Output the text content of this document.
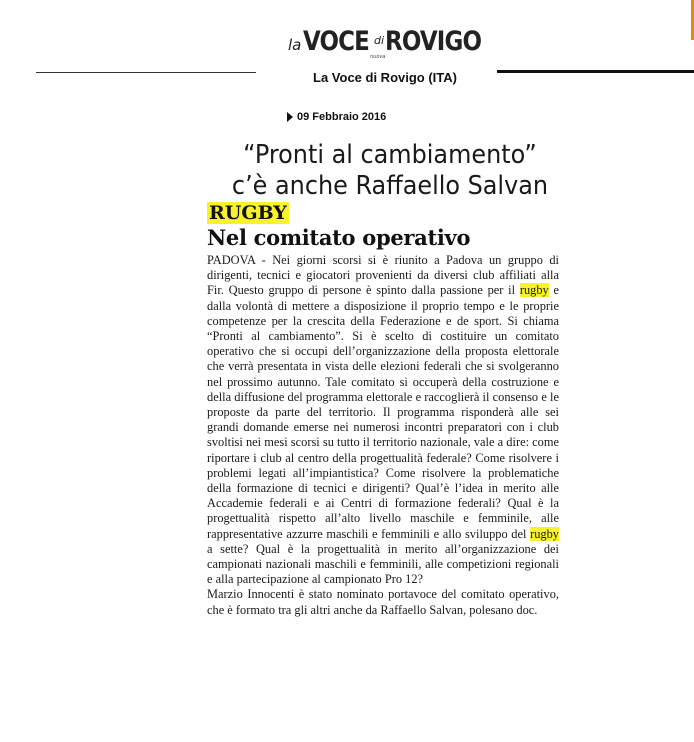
la VOCE di ROVIGO
nuova
La Voce di Rovigo (ITA)
09 Febbraio 2016
“Pronti al cambiamento”
c’è anche Raffaello Salvan
RUGBY
Nel comitato operativo

PADOVA - Nei giorni scorsi si è riunito a Padova un gruppo di dirigenti, tecnici e giocatori provenienti da diversi club affiliati alla Fir. Questo gruppo di persone è spinto dalla passione per il rugby e dalla volontà di mettere a disposizione il proprio tempo e le proprie competenze per la crescita della Federazione e de sport. Si chiama “Pronti al cambiamento”. Si è scelto di costituire un comitato operativo che si occupi dell’organizzazione della proposta elettorale che verrà presentata in vista delle elezioni federali che si svolgeranno nel prossimo autunno. Tale comitato si occuperà della costruzione e della diffusione del programma elettorale e raccoglierà il consenso e le proposte da parte del territorio. Il programma risponderà alle sei grandi domande emerse nei numerosi incontri preparatori con i club svoltisi nei mesi scorsi su tutto il territorio nazionale, vale a dire: come riportare i club al centro della progettualità federale? Come risolvere i problemi legati all’impiantistica? Come risolvere la problematiche della formazione di tecnici e dirigenti? Qual’è l’idea in merito alle Accademie federali e ai Centri di formazione federali? Qual è la progettualità rispetto all’alto livello maschile e femminile, alle rappresentative azzurre maschili e femminili e allo sviluppo del rugby a sette? Qual è la progettualità in merito all’organizzazione dei campionati nazionali maschili e femminili, alle competizioni regionali e alla partecipazione al campionato Pro 12?

Marzio Innocenti è stato nominato portavoce del comitato operativo, che è formato tra gli altri anche da Raffaello Salvan, polesano doc.
